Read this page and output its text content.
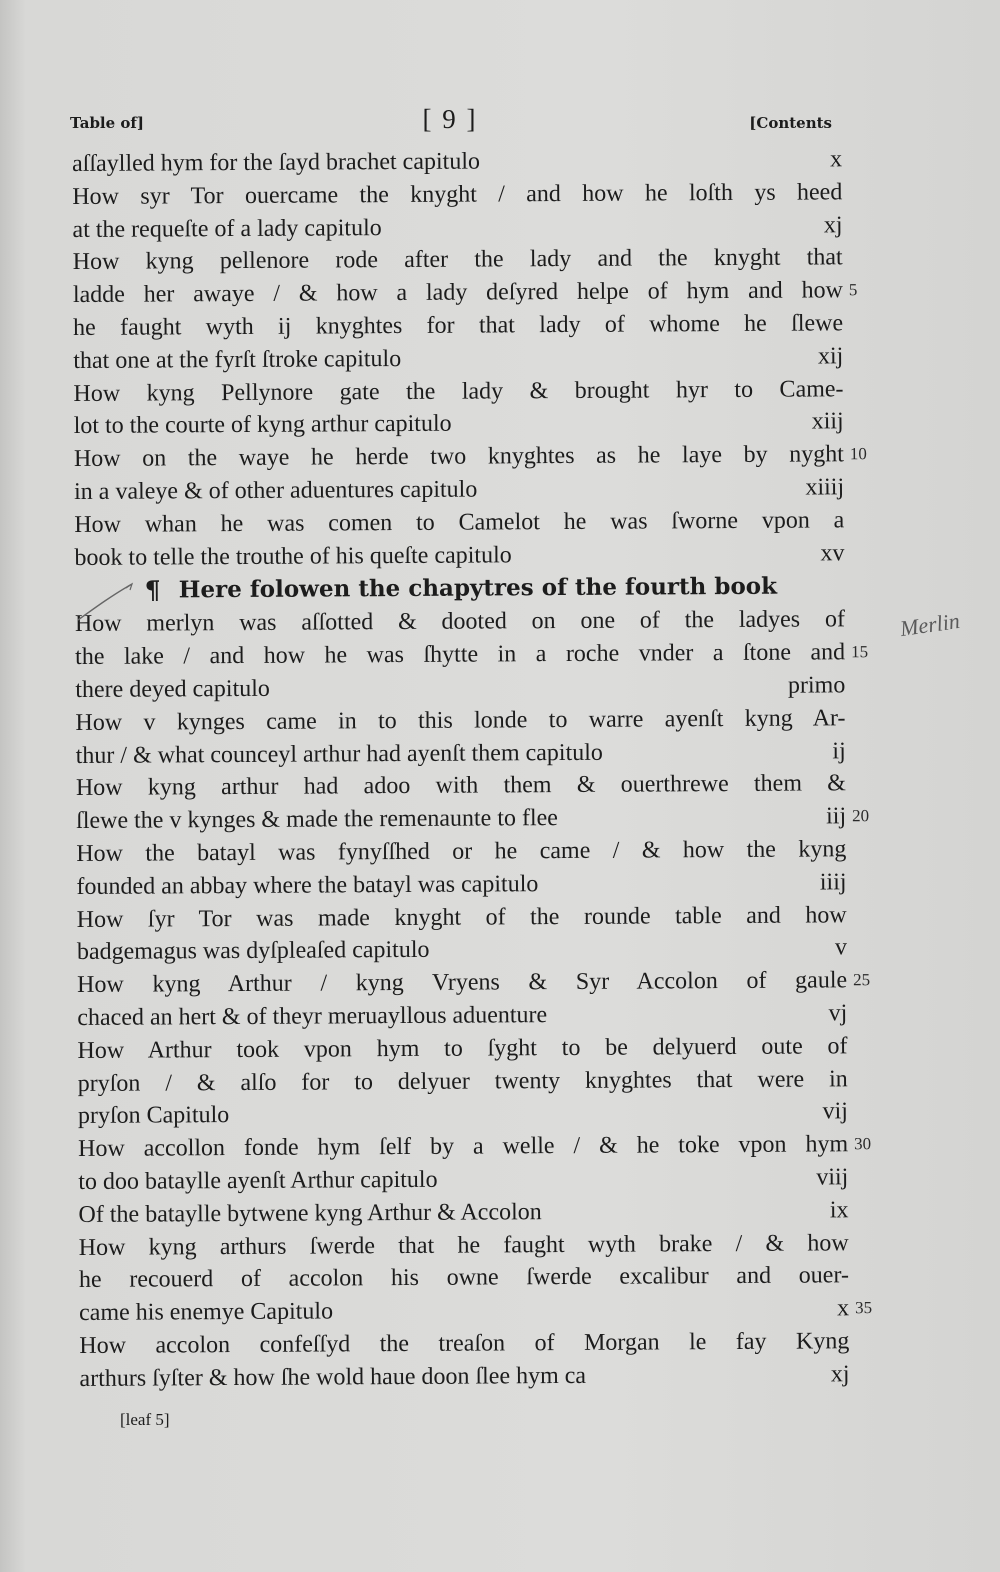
Table of]	[ 9 ]	[Contents
aſſaylled hym for the ſayd brachet capitulo	x
How syr Tor ouercame the knyght / and how he loſth ys heed
at the requeſte of a lady capitulo	xj
How kyng pellenore rode after the lady and the knyght that
ladde her awaye / & how a lady deſyred helpe of hym and how 5
he faught wyth ij knyghtes for that lady of whome he ſlewe
that one at the fyrſt ſtroke capitulo	xij
How kyng Pellynore gate the lady & brought hyr to Came-
lot to the courte of kyng arthur capitulo	xiij
How on the waye he herde two knyghtes as he laye by nyght 10
in a valeye & of other aduentures capitulo	xiiij
How whan he was comen to Camelot he was ſworne vpon a
book to telle the trouthe of his queſte capitulo	xv
¶ Here folowen the chapytres of the fourth book
How merlyn was aſſotted & dooted on one of the ladyes of
the lake / and how he was ſhytte in a roche vnder a ſtone and 15
there deyed capitulo	primo
How v kynges came in to this londe to warre ayenſt kyng Ar-
thur / & what counceyl arthur had ayenſt them capitulo	ij
How kyng arthur had adoo with them & ouerthrewe them &
ſlewe the v kynges & made the remenaunte to flee	iij 20
How the batayl was fynyſſhed or he came / & how the kyng
founded an abbay where the batayl was capitulo	iiij
How ſyr Tor was made knyght of the rounde table and how
badgemagus was dyſpleaſed capitulo	v
How kyng Arthur / kyng Vryens & Syr Accolon of gaule 25
chaced an hert & of theyr meruayllous aduenture	vj
How Arthur took vpon hym to ſyght to be delyuerd oute of
pryſon / & alſo for to delyuer twenty knyghtes that were in
pryſon Capitulo	vij
How accollon fonde hym ſelf by a welle / & he toke vpon hym 30
to doo bataylle ayenſt Arthur capitulo	viij
Of the bataylle bytwene kyng Arthur & Accolon	ix
How kyng arthurs ſwerde that he faught wyth brake / & how
he recouerd of accolon his owne ſwerde excalibur and ouer-
came his enemye Capitulo	x 35
How accolon confeſſyd the treaſon of Morgan le fay Kyng
arthurs ſyſter & how ſhe wold haue doon ſlee hym ca	xj
Merlin
[leaf 5]
